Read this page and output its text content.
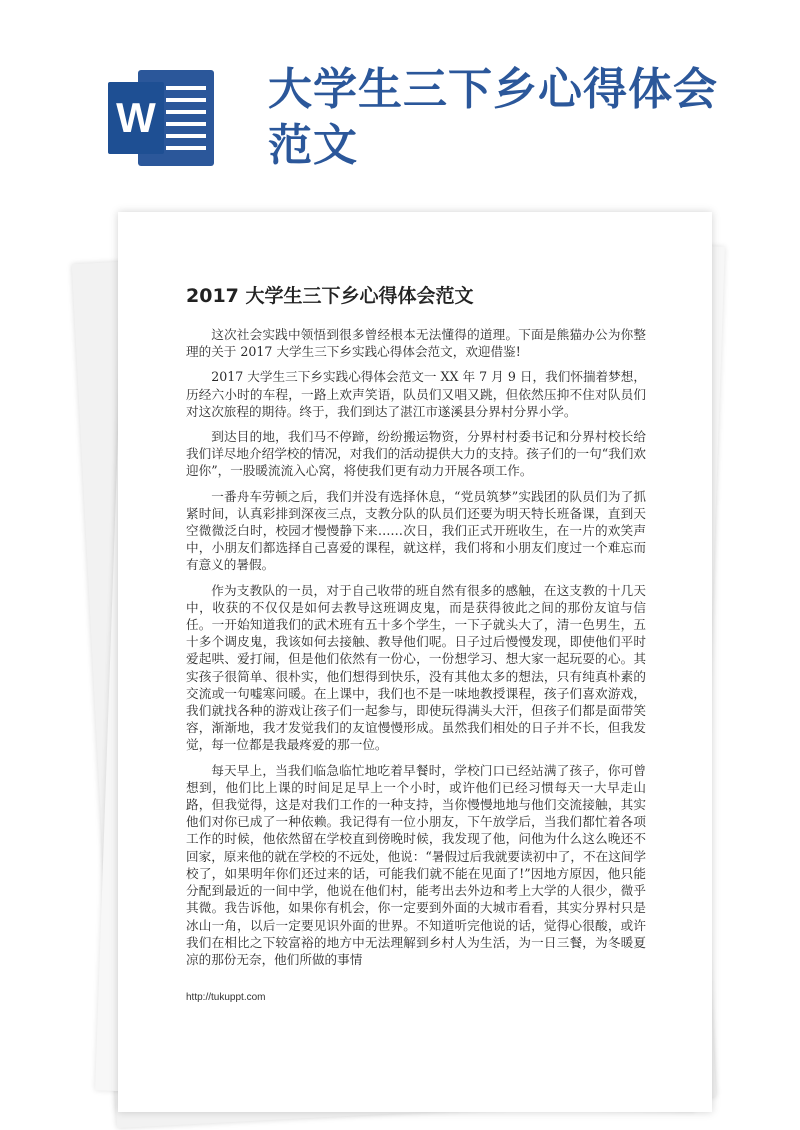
W
大学生三下乡心得体会范文
2017 大学生三下乡心得体会范文

这次社会实践中领悟到很多曾经根本无法懂得的道理。下面是熊猫办公为你整理的关于 2017 大学生三下乡实践心得体会范文，欢迎借鉴!

2017 大学生三下乡实践心得体会范文一 XX 年 7 月 9 日，我们怀揣着梦想，历经六小时的车程，一路上欢声笑语，队员们又唱又跳，但依然压抑不住对队员们对这次旅程的期待。终于，我们到达了湛江市遂溪县分界村分界小学。

到达目的地，我们马不停蹄，纷纷搬运物资，分界村村委书记和分界村校长给我们详尽地介绍学校的情况，对我们的活动提供大力的支持。孩子们的一句“我们欢迎你”，一股暖流流入心窝，将使我们更有动力开展各项工作。

一番舟车劳顿之后，我们并没有选择休息，“党员筑梦”实践团的队员们为了抓紧时间，认真彩排到深夜三点，支教分队的队员们还要为明天特长班备课，直到天空微微泛白时，校园才慢慢静下来……次日，我们正式开班收生，在一片的欢笑声中，小朋友们都选择自己喜爱的课程，就这样，我们将和小朋友们度过一个难忘而有意义的暑假。

作为支教队的一员，对于自己收带的班自然有很多的感触，在这支教的十几天中，收获的不仅仅是如何去教导这班调皮鬼，而是获得彼此之间的那份友谊与信任。一开始知道我们的武术班有五十多个学生，一下子就头大了，清一色男生，五十多个调皮鬼，我该如何去接触、教导他们呢。日子过后慢慢发现，即使他们平时爱起哄、爱打闹，但是他们依然有一份心，一份想学习、想大家一起玩耍的心。其实孩子很简单、很朴实，他们想得到快乐，没有其他太多的想法，只有纯真朴素的交流或一句嘘寒问暖。在上课中，我们也不是一味地教授课程，孩子们喜欢游戏，我们就找各种的游戏让孩子们一起参与，即使玩得满头大汗，但孩子们都是面带笑容，渐渐地，我才发觉我们的友谊慢慢形成。虽然我们相处的日子并不长，但我发觉，每一位都是我最疼爱的那一位。

每天早上，当我们临急临忙地吃着早餐时，学校门口已经站满了孩子，你可曾想到，他们比上课的时间足足早上一个小时，或许他们已经习惯每天一大早走山路，但我觉得，这是对我们工作的一种支持，当你慢慢地地与他们交流接触，其实他们对你已成了一种依赖。我记得有一位小朋友，下午放学后，当我们都忙着各项工作的时候，他依然留在学校直到傍晚时候，我发现了他，问他为什么这么晚还不回家，原来他的就在学校的不远处，他说：“暑假过后我就要读初中了，不在这间学校了，如果明年你们还过来的话，可能我们就不能在见面了!”因地方原因，他只能分配到最近的一间中学，他说在他们村，能考出去外边和考上大学的人很少，微乎其微。我告诉他，如果你有机会，你一定要到外面的大城市看看，其实分界村只是冰山一角，以后一定要见识外面的世界。不知道听完他说的话，觉得心很酸，或许我们在相比之下较富裕的地方中无法理解到乡村人为生活，为一日三餐，为冬暖夏凉的那份无奈，他们所做的事情

http://tukuppt.com
